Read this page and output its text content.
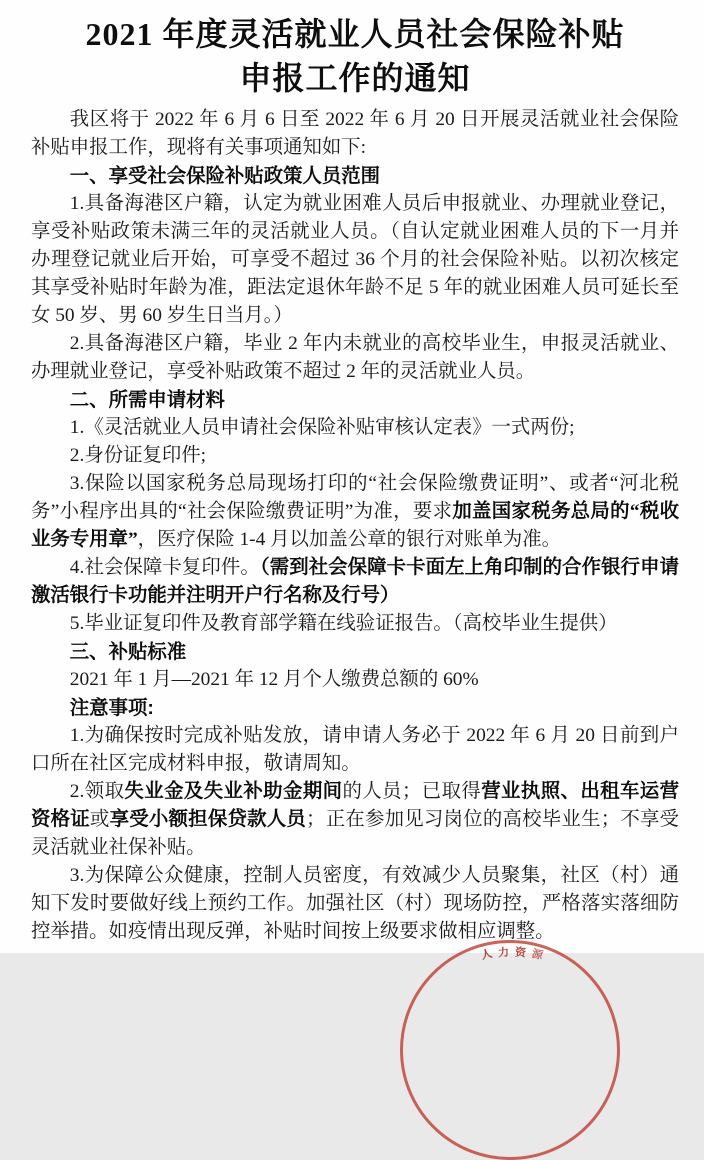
2021 年度灵活就业人员社会保险补贴
申报工作的通知

我区将于 2022 年 6 月 6 日至 2022 年 6 月 20 日开展灵活就业社会保险补贴申报工作，现将有关事项通知如下:

一、享受社会保险补贴政策人员范围

1.具备海港区户籍，认定为就业困难人员后申报就业、办理就业登记，享受补贴政策未满三年的灵活就业人员。（自认定就业困难人员的下一月并办理登记就业后开始，可享受不超过 36 个月的社会保险补贴。以初次核定其享受补贴时年龄为准，距法定退休年龄不足 5 年的就业困难人员可延长至女 50 岁、男 60 岁生日当月。）

2.具备海港区户籍，毕业 2 年内未就业的高校毕业生，申报灵活就业、办理就业登记，享受补贴政策不超过 2 年的灵活就业人员。

二、所需申请材料

1.《灵活就业人员申请社会保险补贴审核认定表》一式两份;

2.身份证复印件;

3.保险以国家税务总局现场打印的“社会保险缴费证明”、或者“河北税务”小程序出具的“社会保险缴费证明”为准，要求加盖国家税务总局的“税收业务专用章”，医疗保险 1-4 月以加盖公章的银行对账单为准。

4.社会保障卡复印件。（需到社会保障卡卡面左上角印制的合作银行申请激活银行卡功能并注明开户行名称及行号）

5.毕业证复印件及教育部学籍在线验证报告。（高校毕业生提供）

三、补贴标准

2021 年 1 月—2021 年 12 月个人缴费总额的 60%

注意事项:

1.为确保按时完成补贴发放，请申请人务必于 2022 年 6 月 20 日前到户口所在社区完成材料申报，敬请周知。

2.领取失业金及失业补助金期间的人员；已取得营业执照、出租车运营资格证或享受小额担保贷款人员；正在参加见习岗位的高校毕业生；不享受灵活就业社保补贴。

3.为保障公众健康，控制人员密度，有效减少人员聚集，社区（村）通知下发时要做好线上预约工作。加强社区（村）现场防控，严格落实落细防控举措。如疫情出现反弹，补贴时间按上级要求做相应调整。

人 力 资 源
